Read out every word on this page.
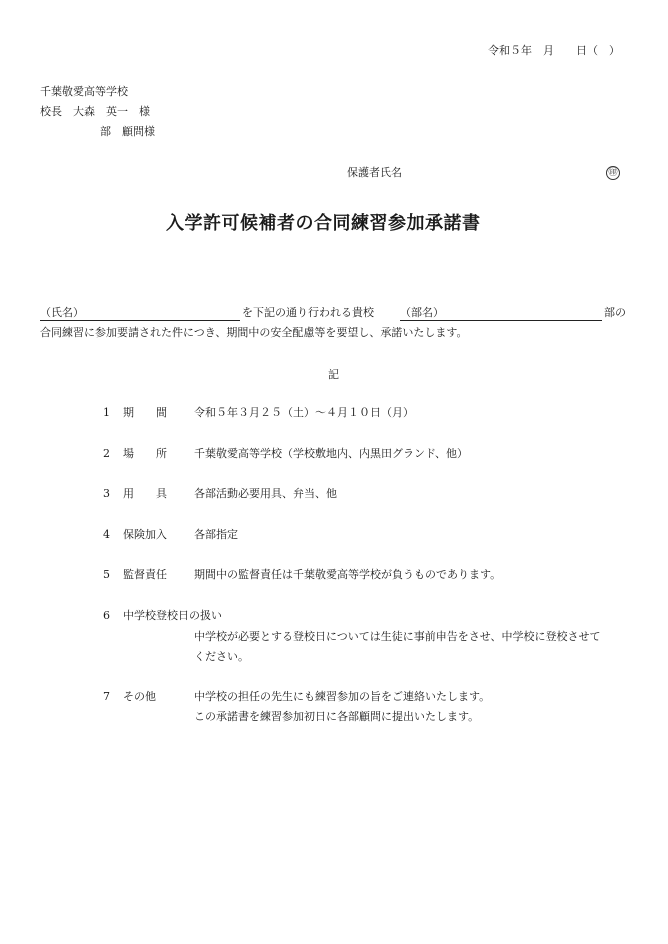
令和５年　月　　日（　）
千葉敬愛高等学校
校長　大森　英一　様
部　顧問様
保護者氏名	㊞
入学許可候補者の合同練習参加承諾書
（氏名）	を下記の通り行われる貴校 （部名）	部の
合同練習に参加要請された件につき、期間中の安全配慮等を要望し、承諾いたします。
記
1 期　　間 令和５年３月２５（土）～４月１０日（月）
2 場　　所 千葉敬愛高等学校（学校敷地内、内黒田グランド、他）
3 用　　具 各部活動必要用具、弁当、他
4 保険加入 各部指定
5 監督責任 期間中の監督責任は千葉敬愛高等学校が負うものであります。
6 中学校登校日の扱い
中学校が必要とする登校日については生徒に事前申告をさせ、中学校に登校させて
ください。
7 その他	中学校の担任の先生にも練習参加の旨をご連絡いたします。
この承諾書を練習参加初日に各部顧問に提出いたします。
